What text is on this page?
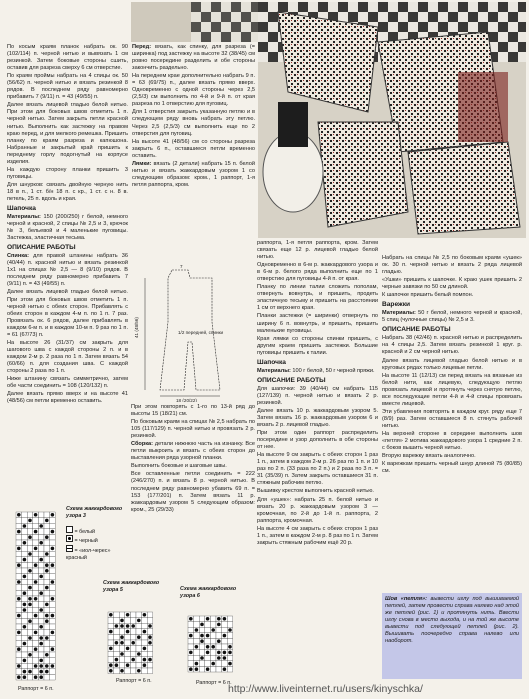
По косым краям планок набрать ок. 90 (102/114) п. черной нитью и вывязать 1 см резинкой. Затем боковые стороны сшить, оставив для разреза сверху 6 см отверстие.

По краям проймы набрать на 4 спицы ок. 50 (56/62) п. черной нитью и вязать резинкой 8 рядов. В последнем ряду равномерно прибавить 7 (9/11) п. = 43 (49/55) п.

Далее вязать лицевой гладью белой нитью. При этом для боковых швов отметить 1 п. черной нитью. Затем закрыть петли красной нитью. Выполнить как застежку на правом краю перед, и для мелкого ремешка. Пришить планку по краям разреза и капюшона. Набранные и закрытый край пришить к переднему горлу подогнутый на корпусе изделия.

На каждую сторону планки пришить 3 пуговицы.

Для шнурков: связать двойную черную нить 18 в п., 1 ст. б/н 18 п. с кр., 1 ст. с н. 8 в. петель, 25 п. вдоль и края.

Шапочка

Материалы: 150 (200/250) г белой, немного черной и красной, 2 спицы № 2,5 и 3, крючок № 3, бельевой и 4 маленькие пуговицы. Застежка, эластичная тесьма.

ОПИСАНИЕ РАБОТЫ

Спинка: для правой штанины набрать 36 (40/44) п. красной нитью и вязать резинкой 1x1 на спицах № 2,5 — 8 (9/10) рядов. В последнем ряду равномерно прибавить 7 (9/11) п. = 43 (49/55) п.

Далее вязать лицевой гладью белой нитью. При этом для боковых швов отметить 1 п. черной нитью с обеих сторон. Прибавлять с обеих сторон в каждом 4-м п. по 1 п. 7 раз. Провязать ок. 6 рядов, далее прибавлять в каждом 6-м п. и в каждом 10-м п. 9 раз по 1 п. = 61 (67/73) п.

На высоте 26 (31/37) см закрыть для шагового шва с каждой стороны 2 п. и в каждом 2-м р. 2 раза по 1 п. Затем вязать 54 (60/66) п. для создания шва. С каждой стороны 2 раза по 1 п.

Ниже штанину связать симметрично, затем обе части соединить = 108 (120/132) п.

Далее вязать прямо вверх и на высоте 41 (48/56) см петли временно оставить.

Схема жаккардового узора 3
= белый
= черный
= «иол-черес» красный
Раппорт = 6 п.

Перед: вязать, как спинку, для разреза (= ширинка) под застежку на высоте 32 (38/45) см ровно посередине разделить и обе стороны закончить раздельно.

На переднем крае дополнительно набрать 9 п. = 63 (69/75) п., далее вязать прямо вверх. Одновременно с одной стороны через 2,5 (2,5/3) см выполнить по 4-й и 9-й п. от края разреза по 1 отверстию для пуговиц.

Для 1 отверстия закрыть указанную петлю и в следующем ряду вновь набрать эту петлю. Через 2,5 (2,5/3) см выполнить еще по 2 отверстия для пуговиц.

На высоте 41 (48/56) см со стороны разреза закрыть 6 п., оставшиеся петли временно оставить.

Лямки: вязать (2 детали) набрать 15 п. белой нитью и вязать жаккардовым узором 1 со следующим образом: кром., 1 раппорт, 1-я петля раппорта, кром.

7
1/2 передней, спинки
18 (20/22)
41 (48/56)

При этом повторять с 1-го по 13-й ряд до высоты 15 (18/21) см.

По боковым краям на спицах № 2,5 набрать по 105 (117/129) п. черной нитью и провязать 2 р. резинкой.

Сборка: детали нижнюю часть на изнанку. Все петли выкроить и вязать с обеих сторон до выставления ряда узорной планки.

Выполнить боковые и шаговые швы.

Все оставленные петли соединить = 222 (246/270) п. и вязать 8 р. черной нитью. В последнем ряду равномерно убавить 69 п. = 153 (177/201) п. Затем вязать 11 р. жаккардовым узором 5 следующим образом: кром., 25 (29/33)

Схема жаккардового узора 5	Схема жаккардового узора 6
Раппорт = 6 п.	Раппорт = 6 п.

раппорта, 1-я петля раппорта, кром. Затем связать еще 12 р. лицевой гладью белой нитью.

Одновременно в 6-м р. жаккардового узора и в 6-м р. белого ряда выполнить еще по 1 отверстию для пуговицы 4-й п. от края.

Планку по линии талии сложить пополам, отвернуть вовнутрь, и пришить, продеть эластичную тесьму и пришить на расстоянии 1 см от верхнего края.

Планки застежки (= ширинки) отвернуть по ширину 6 п. вовнутрь, и пришить, пришить маленькие пуговицы.

Края лямки со стороны спинки пришить, с другим краем пришить застежки. Большие пуговицы пришить к талии.

Шапочка

Материалы: 100 г белой, 50 г черной пряжи.

ОПИСАНИЕ РАБОТЫ

Для шапочки: 39 (40/44) см набрать 115 (127/139) п. черной нитью и вязать 2 р. резинкой.

Далее вязать 10 р. жаккардовым узором 5. Затем вязать 16 р. жаккардовым узором 6 и вязать 2 р. лицевой гладью.

При этом один раппорт распределить посередине и узор дополнить в обе стороны от нее.

На высоте 9 см закрыть с обеих сторон 1 раз 1 п., затем в каждом 2-м р. 26 раз по 1 п. и 10 раз по 2 п. (33 раза по 2 п.) и 2 раза по 3 п. = 31 (35/39) п. Затем закрыть оставшиеся 31 п. стяжным рабочим петлю.

Вышивку крестом выполнить красной нитью.

Для «ушек»: набрать 25 п. белой нитью и вязать 20 р. жаккардовым узором 3 — кромочная, по 2-й до 1-й п. раппорта, 2 раппорта, кромочная.

На высоте 4 см закрыть с обеих сторон 1 раз 1 п., затем в каждом 2-м р. 8 раз по 1 п. Затем закрыть стяжным рабочим ещё 20 р.

Набрать на спицы № 2,5 по боковым краям «ушек» ок. 30 п. черной нитью и вязать 2 ряда лицевой гладью.

«Ушки» пришить к шапочке. К краю ушек пришить 2 черные завязки по 50 см длиной.

К шапочке пришить белый помпон.

Варежки

Материалы: 50 г белой, немного черной и красной, 5 спиц (чулочные спицы) № 2,5 и 3.

ОПИСАНИЕ РАБОТЫ

Набрать 38 (42/46) п. красной нитью и распределить на 4 спицы 2,5. Затем вязать резинкой 1 круг. р. красной и 2 см черной нитью.

Далее вязать лицевой гладью белой нитью и в круговых рядах только лицевые петли.

На высоте 11 (12/13) см перед вязать на вязаные из белой нити, как лицевую, следующую петлю провязать лицевой и протянуть через снятую петлю, все последующие петли 4-й и 4-й спицы провязать вместе лицевой.

Эти убавления повторять в каждом круг. ряду еще 7 (8/9) раз. Затем оставшиеся 8 п. стянуть рабочей нитью.

На верхней стороне в середине выполнить шов «петля» 2 мотива жаккардового узора 1 средние 2 п. с боков вышить черной нитью.

Вторую варежку вязать аналогично.

К варежкам пришить черный шнур длиной 75 (80/85) см.

Шов «петля»: вывести иглу под вышиваемой петлей, затем провести справа налево над этой же петлей (рис. 1) и протянуть нить. Ввести иглу снова в место выхода, и на той же высоте вывести под следующей петлей (рис. 2). Вышивать поочередно справа налево или наоборот.
http://www.liveinternet.ru/users/kinyschka/
